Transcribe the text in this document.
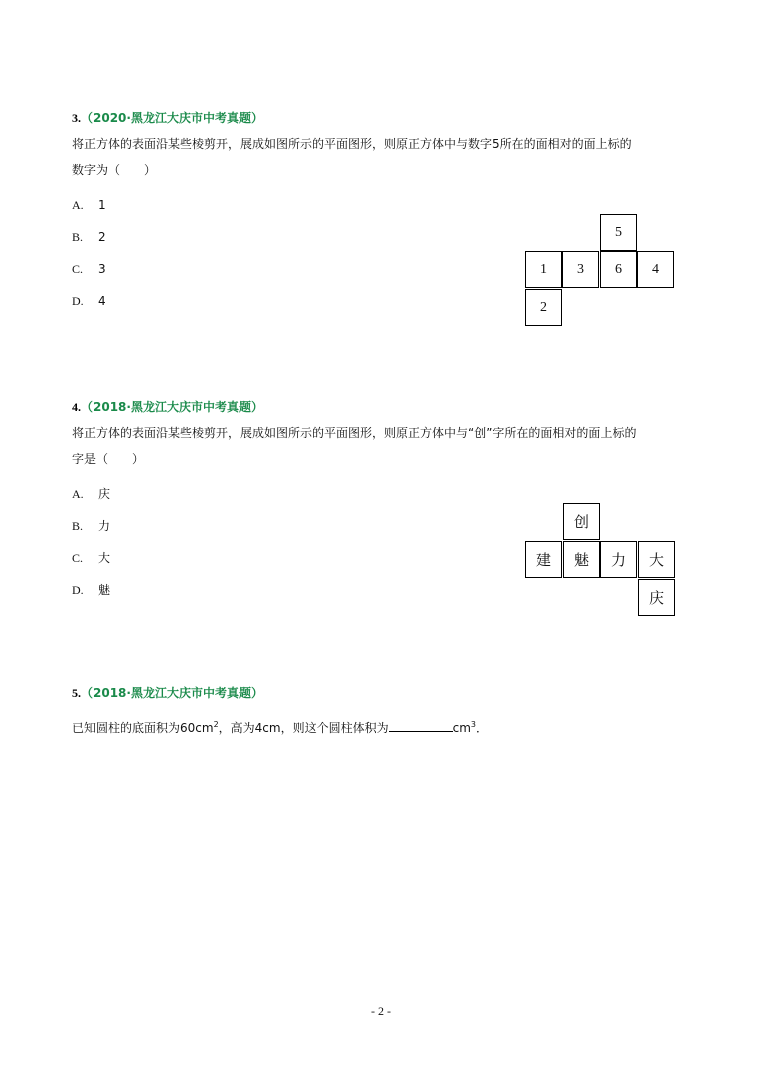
3.（2020·黑龙江大庆市中考真题）
将正方体的表面沿某些棱剪开，展成如图所示的平面图形，则原正方体中与数字5所在的面相对的面上标的
数字为（　　）
A. 1
B. 2
C. 3
D. 4
5
1	3	6	4
2
4.（2018·黑龙江大庆市中考真题）
将正方体的表面沿某些棱剪开，展成如图所示的平面图形，则原正方体中与“创”字所在的面相对的面上标的
字是（　　）
A. 庆
B. 力
C. 大
D. 魅
创
建	魅	力	大
庆
5.（2018·黑龙江大庆市中考真题）
已知圆柱的底面积为$60cm^2$，高为4cm，则这个圆柱体积为	$cm^3$．
- 2 -
